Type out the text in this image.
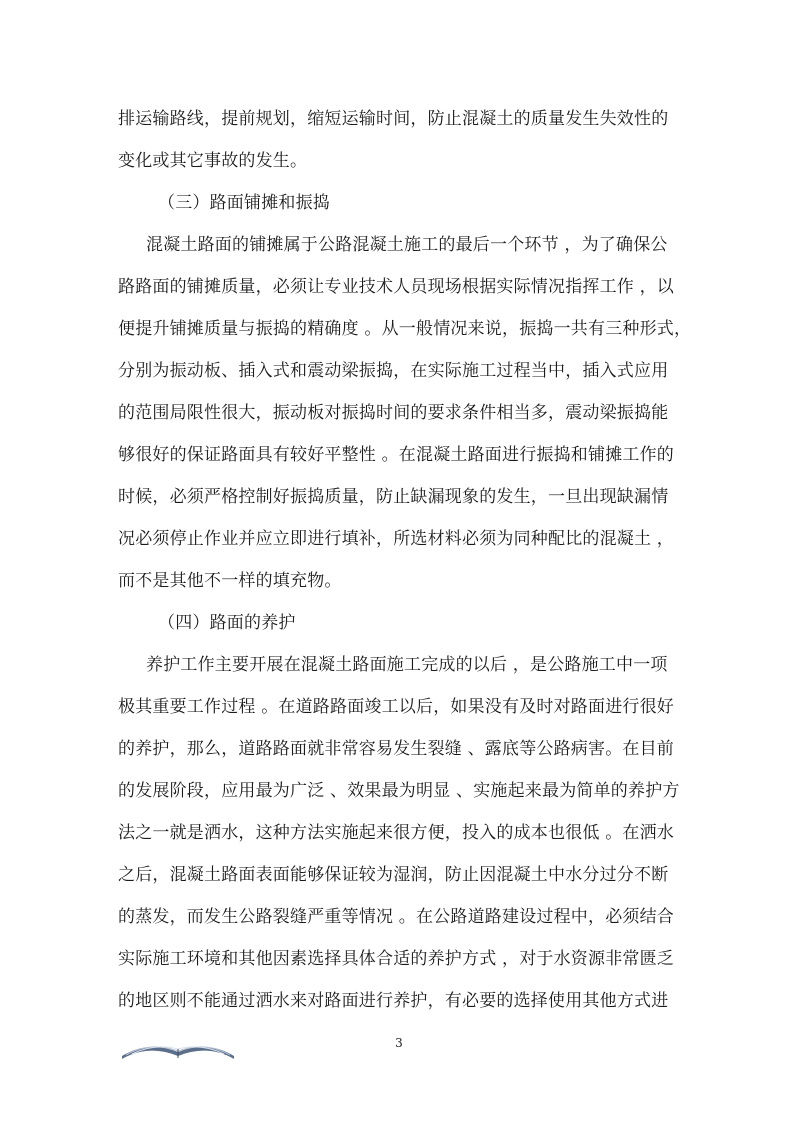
排运输路线，提前规划，缩短运输时间，防止混凝土的质量发生失效性的
变化或其它事故的发生。
（三）路面铺摊和振捣
混凝土路面的铺摊属于公路混凝土施工的最后一个环节 ，为了确保公
路路面的铺摊质量，必须让专业技术人员现场根据实际情况指挥工作 ，以
便提升铺摊质量与振捣的精确度 。从一般情况来说，振捣一共有三种形式，
分别为振动板、插入式和震动梁振捣，在实际施工过程当中，插入式应用
的范围局限性很大，振动板对振捣时间的要求条件相当多，震动梁振捣能
够很好的保证路面具有较好平整性 。在混凝土路面进行振捣和铺摊工作的
时候，必须严格控制好振捣质量，防止缺漏现象的发生，一旦出现缺漏情
况必须停止作业并应立即进行填补，所选材料必须为同种配比的混凝土 ，
而不是其他不一样的填充物。
（四）路面的养护
养护工作主要开展在混凝土路面施工完成的以后 ，是公路施工中一项
极其重要工作过程 。在道路路面竣工以后，如果没有及时对路面进行很好
的养护，那么，道路路面就非常容易发生裂缝 、露底等公路病害。在目前
的发展阶段，应用最为广泛 、效果最为明显 、实施起来最为简单的养护方
法之一就是洒水，这种方法实施起来很方便，投入的成本也很低 。在洒水
之后，混凝土路面表面能够保证较为湿润，防止因混凝土中水分过分不断
的蒸发，而发生公路裂缝严重等情况 。在公路道路建设过程中，必须结合
实际施工环境和其他因素选择具体合适的养护方式 ，对于水资源非常匮乏
的地区则不能通过洒水来对路面进行养护，有必要的选择使用其他方式进
3
